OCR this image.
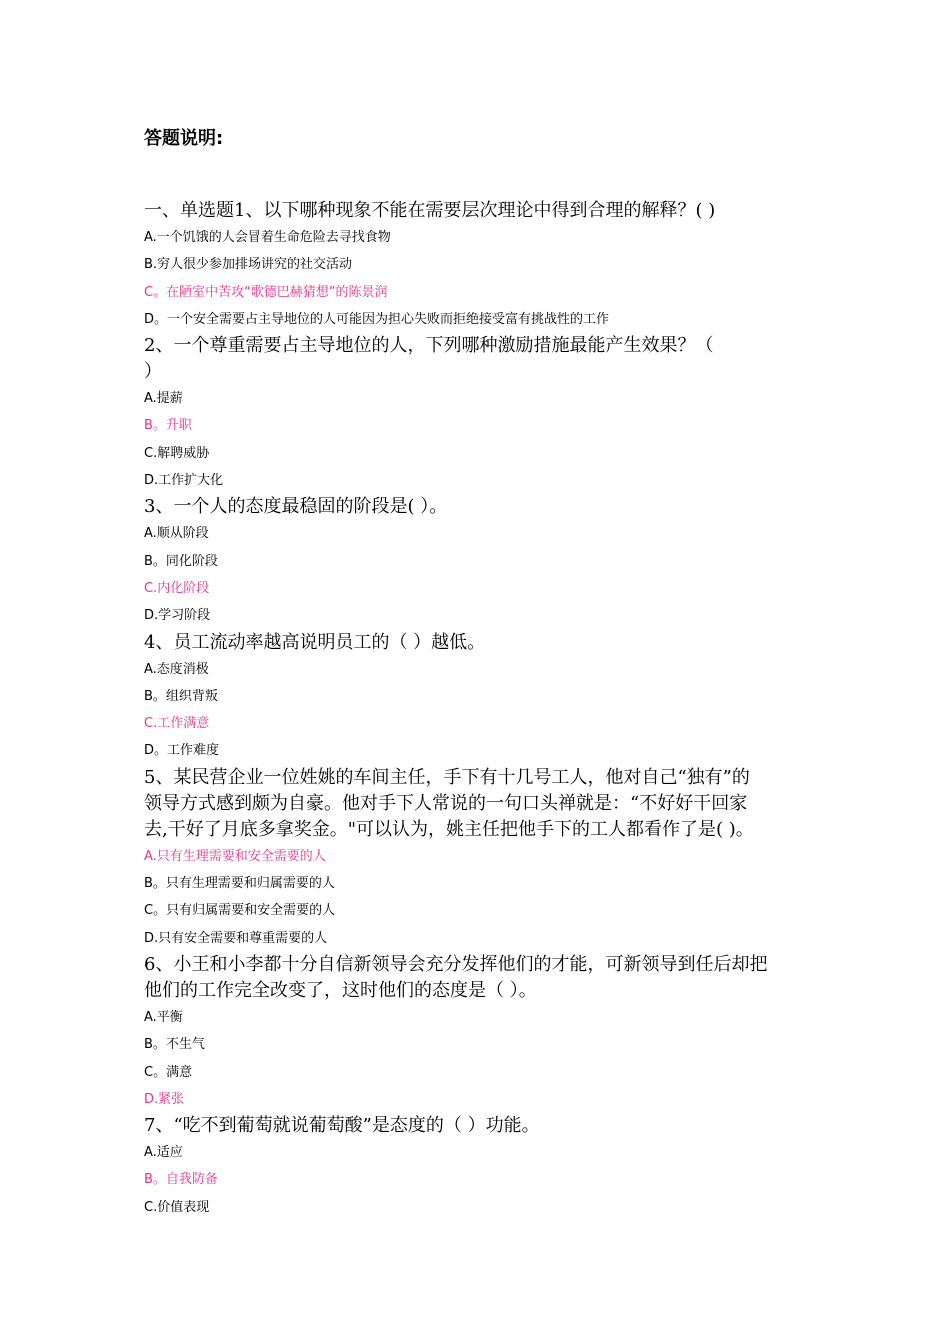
答题说明:
一、单选题1、以下哪种现象不能在需要层次理论中得到合理的解释？( )
A.一个饥饿的人会冒着生命危险去寻找食物
B.穷人很少参加排场讲究的社交活动
C。在陋室中苦攻“歌德巴赫猜想”的陈景润
D。一个安全需要占主导地位的人可能因为担心失败而拒绝接受富有挑战性的工作
2、一个尊重需要占主导地位的人，下列哪种激励措施最能产生效果？（
）
A.提薪
B。升职
C.解聘威胁
D.工作扩大化
3、一个人的态度最稳固的阶段是( ）。
A.顺从阶段
B。同化阶段
C.内化阶段
D.学习阶段
4、员工流动率越高说明员工的（ ）越低。
A.态度消极
B。组织背叛
C.工作满意
D。工作难度
5、某民营企业一位姓姚的车间主任，手下有十几号工人，他对自己“独有”的
领导方式感到颇为自豪。他对手下人常说的一句口头禅就是：“不好好干回家
去,干好了月底多拿奖金。"可以认为，姚主任把他手下的工人都看作了是( )。
A.只有生理需要和安全需要的人
B。只有生理需要和归属需要的人
C。只有归属需要和安全需要的人
D.只有安全需要和尊重需要的人
6、小王和小李都十分自信新领导会充分发挥他们的才能，可新领导到任后却把
他们的工作完全改变了，这时他们的态度是（ ）。
A.平衡
B。不生气
C。满意
D.紧张
7、“吃不到葡萄就说葡萄酸”是态度的（ ）功能。
A.适应
B。自我防备
C.价值表现
